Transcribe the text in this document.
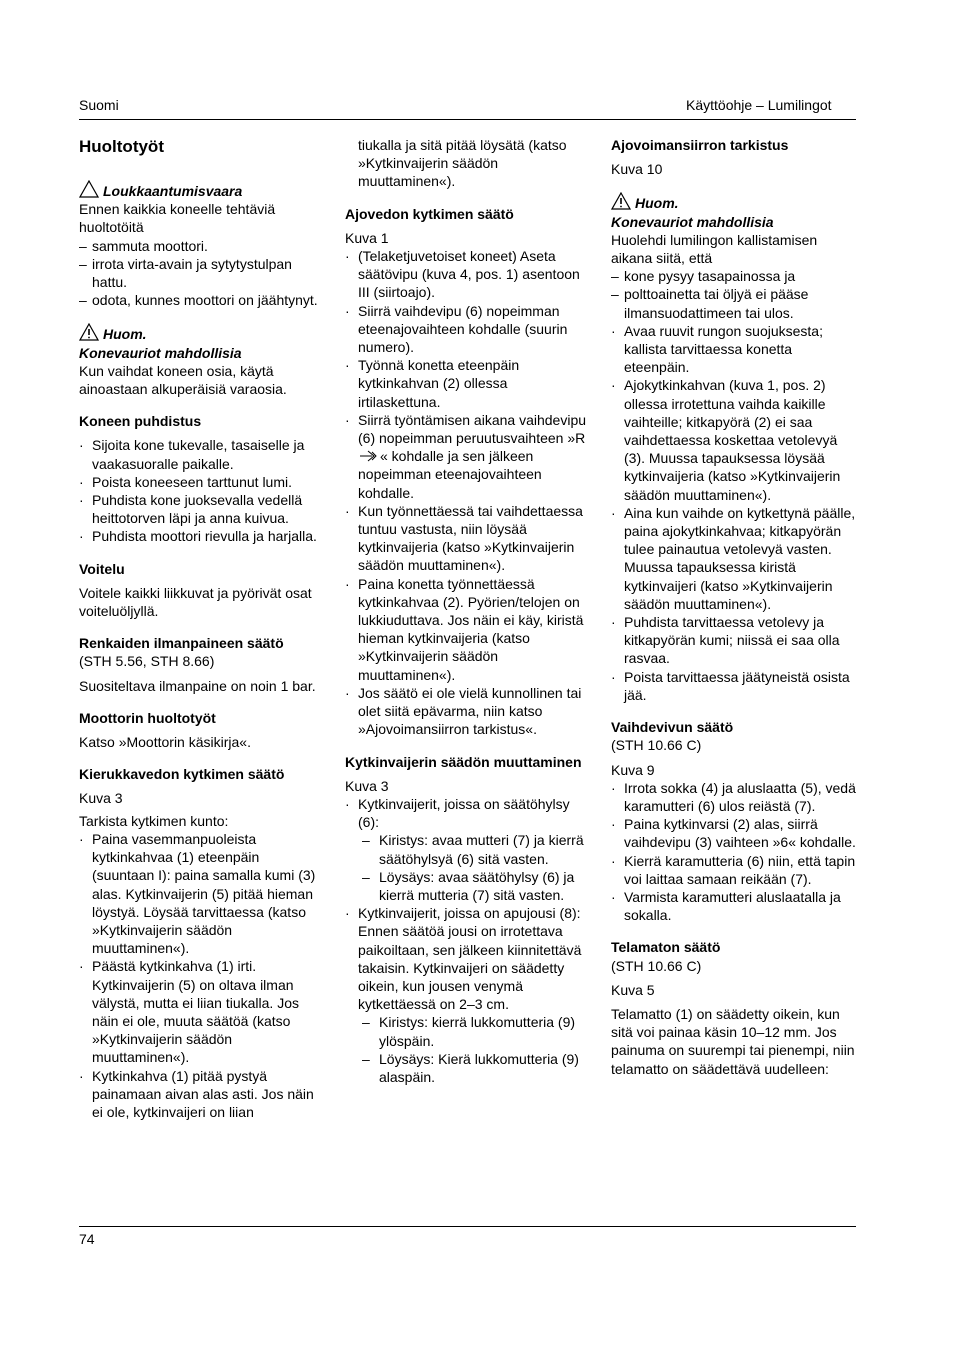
Suomi	Käyttöohje – Lumilingot
Huoltotyöt
Loukkaantumisvaara

Ennen kaikkia koneelle tehtäviä huoltotöitä

– sammuta moottori.
– irrota virta-avain ja sytytystulpan hattu.
– odota, kunnes moottori on jäähtynyt.
Huom.

Konevauriot mahdollisia

Kun vaihdat koneen osia, käytä ainoastaan alkuperäisiä varaosia.

Koneen puhdistus

· Sijoita kone tukevalle, tasaiselle ja vaakasuoralle paikalle.
· Poista koneeseen tarttunut lumi.
· Puhdista kone juoksevalla vedellä heittotorven läpi ja anna kuivua.
· Puhdista moottori rievulla ja harjalla.

Voitelu

Voitele kaikki liikkuvat ja pyörivät osat voiteluöljyllä.

Renkaiden ilmanpaineen säätö

(STH 5.56, STH 8.66)

Suositeltava ilmanpaine on noin 1 bar.

Moottorin huoltotyöt

Katso »Moottorin käsikirja«.

Kierukkavedon kytkimen säätö

Kuva 3

Tarkista kytkimen kunto:

· Paina vasemmanpuoleista kytkinkahvaa (1) eteenpäin (suuntaan I): paina samalla kumi (3) alas. Kytkinvaijerin (5) pitää hieman löystyä. Löysää tarvittaessa (katso »Kytkinvaijerin säädön muuttaminen«).
· Päästä kytkinkahva (1) irti. Kytkinvaijerin (5) on oltava ilman välystä, mutta ei liian tiukalla. Jos näin ei ole, muuta säätöä (katso »Kytkinvaijerin säädön muuttaminen«).
· Kytkinkahva (1) pitää pystyä painamaan aivan alas asti. Jos näin ei ole, kytkinvaijeri on liian

tiukalla ja sitä pitää löysätä (katso »Kytkinvaijerin säädön muuttaminen«).

Ajovedon kytkimen säätö

Kuva 1

· (Telaketjuvetoiset koneet) Aseta säätövipu (kuva 4, pos. 1) asentoon III (siirtoajo).
· Siirrä vaihdevipu (6) nopeimman eteenajovaihteen kohdalle (suurin numero).
· Työnnä konetta eteenpäin kytkinkahvan (2) ollessa irtilaskettuna.
· Siirrä työntämisen aikana vaihdevipu (6) nopeimman peruutusvaihteen »R« kohdalle ja sen jälkeen nopeimman eteenajovaihteen kohdalle.
· Kun työnnettäessä tai vaihdettaessa tuntuu vastusta, niin löysää kytkinvaijeria (katso »Kytkinvaijerin säädön muuttaminen«).
· Paina konetta työnnettäessä kytkinkahvaa (2). Pyörien/telojen on lukkiuduttava. Jos näin ei käy, kiristä hieman kytkinvaijeria (katso »Kytkinvaijerin säädön muuttaminen«).
· Jos säätö ei ole vielä kunnollinen tai olet siitä epävarma, niin katso »Ajovoimansiirron tarkistus«.

Kytkinvaijerin säädön muuttaminen

Kuva 3

· Kytkinvaijerit, joissa on säätöhylsy (6):
– Kiristys: avaa mutteri (7) ja kierrä säätöhylsyä (6) sitä vasten.
– Löysäys: avaa säätöhylsy (6) ja kierrä mutteria (7) sitä vasten.
· Kytkinvaijerit, joissa on apujousi (8): Ennen säätöä jousi on irrotettava paikoiltaan, sen jälkeen kiinnitettävä takaisin. Kytkinvaijeri on säädetty oikein, kun jousen venymä kytkettäessä on 2–3 cm.
– Kiristys: kierrä lukkomutteria (9) ylöspäin.
– Löysäys: Kierä lukkomutteria (9) alaspäin.

Ajovoimansiirron tarkistus

Kuva 10

Huom.

Konevauriot mahdollisia

Huolehdi lumilingon kallistamisen aikana siitä, että

– kone pysyy tasapainossa ja
– polttoainetta tai öljyä ei pääse ilmansuodattimeen tai ulos.
· Avaa ruuvit rungon suojuksesta; kallista tarvittaessa konetta eteenpäin.
· Ajokytkinkahvan (kuva 1, pos. 2) ollessa irrotettuna vaihda kaikille vaihteille; kitkapyörä (2) ei saa vaihdettaessa koskettaa vetolevyä (3). Muussa tapauksessa löysää kytkinvaijeria (katso »Kytkinvaijerin säädön muuttaminen«).
· Aina kun vaihde on kytkettynä päälle, paina ajokytkinkahvaa; kitkapyörän tulee painautua vetolevyä vasten. Muussa tapauksessa kiristä kytkinvaijeri (katso »Kytkinvaijerin säädön muuttaminen«).
· Puhdista tarvittaessa vetolevy ja kitkapyörän kumi; niissä ei saa olla rasvaa.
· Poista tarvittaessa jäätyneistä osista jää.

Vaihdevivun säätö

(STH 10.66 C)

Kuva 9

· Irrota sokka (4) ja aluslaatta (5), vedä karamutteri (6) ulos reiästä (7).
· Paina kytkinvarsi (2) alas, siirrä vaihdevipu (3) vaihteen »6« kohdalle.
· Kierrä karamutteria (6) niin, että tapin voi laittaa samaan reikään (7).
· Varmista karamutteri aluslaatalla ja sokalla.

Telamaton säätö

(STH 10.66 C)

Kuva 5

Telamatto (1) on säädetty oikein, kun sitä voi painaa käsin 10–12 mm. Jos painuma on suurempi tai pienempi, niin telamatto on säädettävä uudelleen:

74
